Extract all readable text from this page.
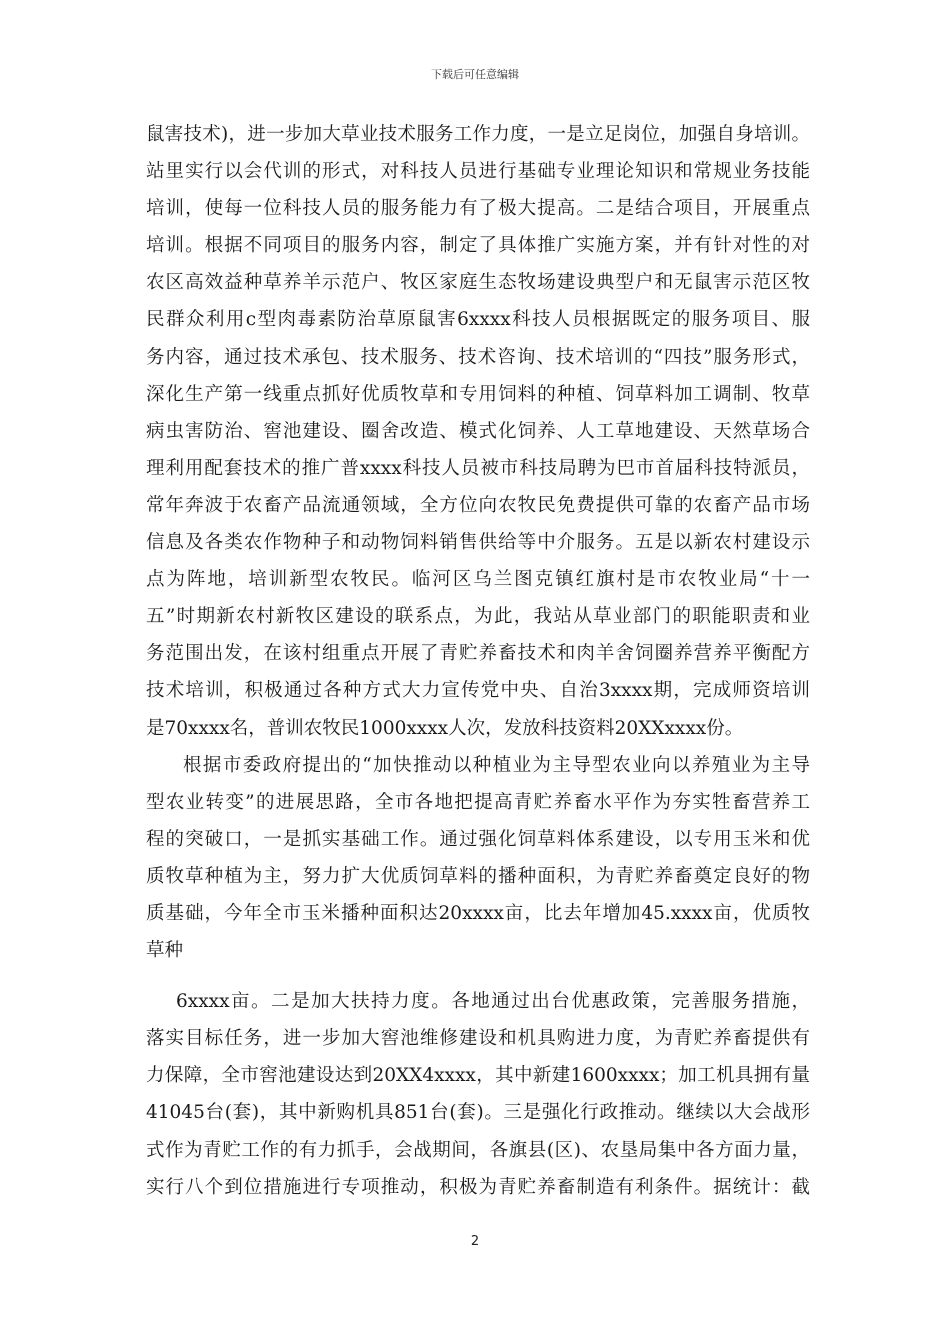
下载后可任意编辑
鼠害技术)，进一步加大草业技术服务工作力度，一是立足岗位，加强自身培训。
站里实行以会代训的形式，对科技人员进行基础专业理论知识和常规业务技能
培训，使每一位科技人员的服务能力有了极大提高。二是结合项目，开展重点
培训。根据不同项目的服务内容，制定了具体推广实施方案，并有针对性的对
农区高效益种草养羊示范户、牧区家庭生态牧场建设典型户和无鼠害示范区牧
民群众利用c型肉毒素防治草原鼠害6xxxx科技人员根据既定的服务项目、服
务内容，通过技术承包、技术服务、技术咨询、技术培训的“四技”服务形式，
深化生产第一线重点抓好优质牧草和专用饲料的种植、饲草料加工调制、牧草
病虫害防治、窖池建设、圈舍改造、模式化饲养、人工草地建设、天然草场合
理利用配套技术的推广普xxxx科技人员被市科技局聘为巴市首届科技特派员，
常年奔波于农畜产品流通领域，全方位向农牧民免费提供可靠的农畜产品市场
信息及各类农作物种子和动物饲料销售供给等中介服务。五是以新农村建设示
点为阵地，培训新型农牧民。临河区乌兰图克镇红旗村是市农牧业局“十一
五”时期新农村新牧区建设的联系点，为此，我站从草业部门的职能职责和业
务范围出发，在该村组重点开展了青贮养畜技术和肉羊舍饲圈养营养平衡配方
技术培训，积极通过各种方式大力宣传党中央、自治3xxxx期，完成师资培训
是70xxxx名，普训农牧民1000xxxx人次，发放科技资料20XXxxxx份。
根据市委政府提出的“加快推动以种植业为主导型农业向以养殖业为主导
型农业转变”的进展思路，全市各地把提高青贮养畜水平作为夯实牲畜营养工
程的突破口，一是抓实基础工作。通过强化饲草料体系建设，以专用玉米和优
质牧草种植为主，努力扩大优质饲草料的播种面积，为青贮养畜奠定良好的物
质基础，今年全市玉米播种面积达20xxxx亩，比去年增加45.xxxx亩，优质牧
草种
6xxxx亩。二是加大扶持力度。各地通过出台优惠政策，完善服务措施，
落实目标任务，进一步加大窖池维修建设和机具购进力度，为青贮养畜提供有
力保障，全市窖池建设达到20XX4xxxx，其中新建1600xxxx；加工机具拥有量
41045台(套)，其中新购机具851台(套)。三是强化行政推动。继续以大会战形
式作为青贮工作的有力抓手，会战期间，各旗县(区)、农垦局集中各方面力量，
实行八个到位措施进行专项推动，积极为青贮养畜制造有利条件。据统计：截
2
